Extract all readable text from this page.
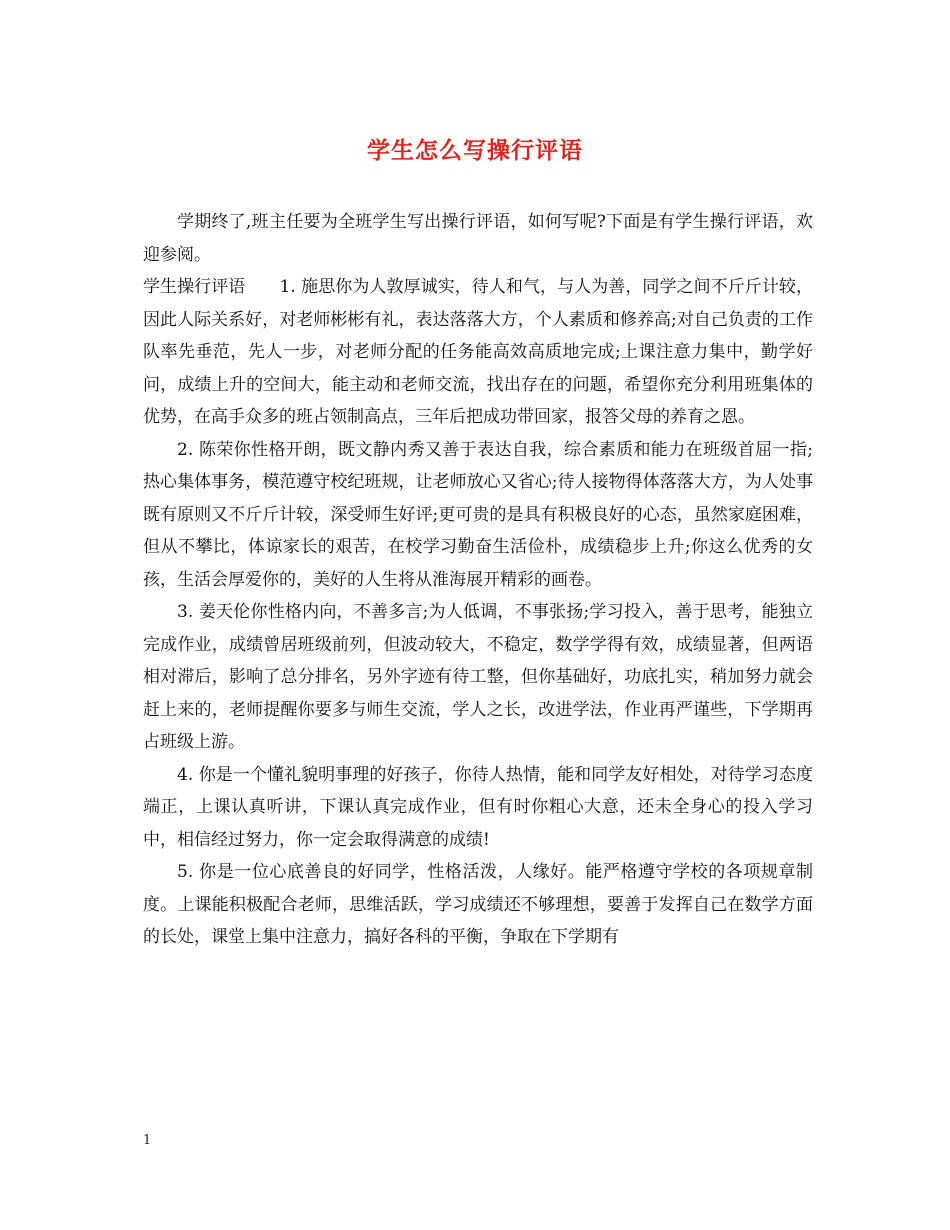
学生怎么写操行评语

学期终了,班主任要为全班学生写出操行评语，如何写呢?下面是有学生操行评语，欢迎参阅。

学生操行评语　　1. 施思你为人敦厚诚实，待人和气，与人为善，同学之间不斤斤计较，因此人际关系好，对老师彬彬有礼，表达落落大方，个人素质和修养高;对自己负责的工作队率先垂范，先人一步，对老师分配的任务能高效高质地完成;上课注意力集中，勤学好问，成绩上升的空间大，能主动和老师交流，找出存在的问题，希望你充分利用班集体的优势，在高手众多的班占领制高点，三年后把成功带回家，报答父母的养育之恩。

2. 陈荣你性格开朗，既文静内秀又善于表达自我，综合素质和能力在班级首屈一指;热心集体事务，模范遵守校纪班规，让老师放心又省心;待人接物得体落落大方，为人处事既有原则又不斤斤计较，深受师生好评;更可贵的是具有积极良好的心态，虽然家庭困难，但从不攀比，体谅家长的艰苦，在校学习勤奋生活俭朴，成绩稳步上升;你这么优秀的女孩，生活会厚爱你的，美好的人生将从淮海展开精彩的画卷。

3. 姜天伦你性格内向，不善多言;为人低调，不事张扬;学习投入，善于思考，能独立完成作业，成绩曾居班级前列，但波动较大，不稳定，数学学得有效，成绩显著，但两语相对滞后，影响了总分排名，另外字迹有待工整，但你基础好，功底扎实，稍加努力就会赶上来的，老师提醒你要多与师生交流，学人之长，改进学法，作业再严谨些，下学期再占班级上游。

4. 你是一个懂礼貌明事理的好孩子，你待人热情，能和同学友好相处，对待学习态度端正，上课认真听讲，下课认真完成作业，但有时你粗心大意，还未全身心的投入学习中，相信经过努力，你一定会取得满意的成绩!

5. 你是一位心底善良的好同学，性格活泼，人缘好。能严格遵守学校的各项规章制度。上课能积极配合老师，思维活跃，学习成绩还不够理想，要善于发挥自己在数学方面的长处，课堂上集中注意力，搞好各科的平衡，争取在下学期有

1
